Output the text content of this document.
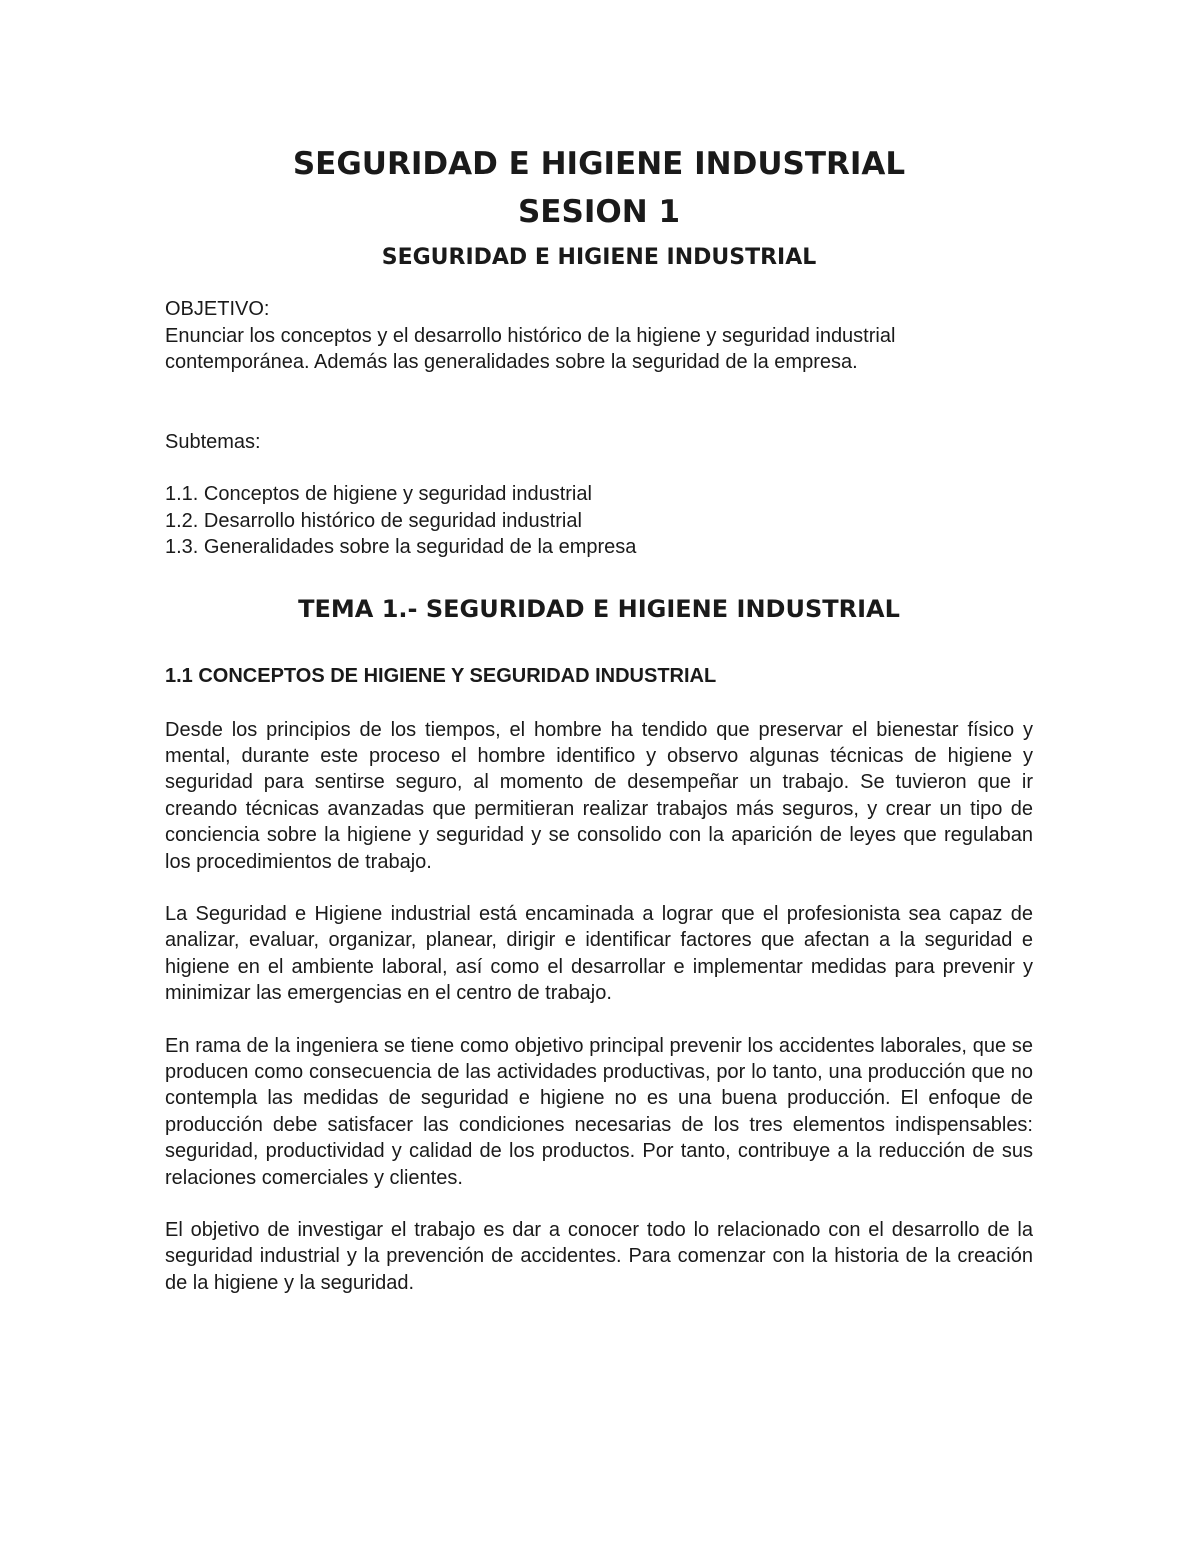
SEGURIDAD E HIGIENE INDUSTRIAL
SESION 1
SEGURIDAD E HIGIENE INDUSTRIAL

OBJETIVO:

Enunciar los conceptos y el desarrollo histórico de la higiene y seguridad industrial contemporánea. Además las generalidades sobre la seguridad de la empresa.

Subtemas:

1.1. Conceptos de higiene y seguridad industrial
1.2. Desarrollo histórico de seguridad industrial
1.3. Generalidades sobre la seguridad de la empresa
TEMA 1.- SEGURIDAD E HIGIENE INDUSTRIAL
1.1 CONCEPTOS DE HIGIENE Y SEGURIDAD INDUSTRIAL

Desde los principios de los tiempos, el hombre ha tendido que preservar el bienestar físico y mental, durante este proceso el hombre identifico y observo algunas técnicas de higiene y seguridad para sentirse seguro, al momento de desempeñar un trabajo. Se tuvieron que ir creando técnicas avanzadas que permitieran realizar trabajos más seguros, y crear un tipo de conciencia sobre la higiene y seguridad y se consolido con la aparición de leyes que regulaban los procedimientos de trabajo.

La Seguridad e Higiene industrial está encaminada a lograr que el profesionista sea capaz de analizar, evaluar, organizar, planear, dirigir e identificar factores que afectan a la seguridad e higiene en el ambiente laboral, así como el desarrollar e implementar medidas para prevenir y minimizar las emergencias en el centro de trabajo.

En rama de la ingeniera se tiene como objetivo principal prevenir los accidentes laborales, que se producen como consecuencia de las actividades productivas, por lo tanto, una producción que no contempla las medidas de seguridad e higiene no es una buena producción. El enfoque de producción debe satisfacer las condiciones necesarias de los tres elementos indispensables: seguridad, productividad y calidad de los productos. Por tanto, contribuye a la reducción de sus relaciones comerciales y clientes.

El objetivo de investigar el trabajo es dar a conocer todo lo relacionado con el desarrollo de la seguridad industrial y la prevención de accidentes. Para comenzar con la historia de la creación de la higiene y la seguridad.
